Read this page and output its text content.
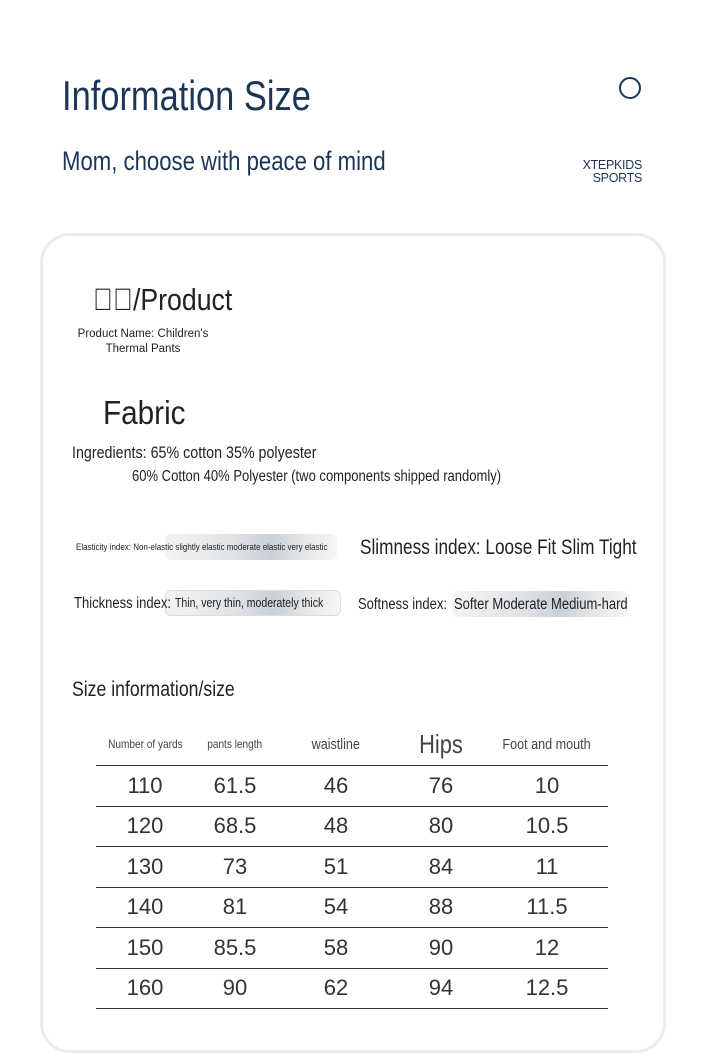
Information Size
Mom, choose with peace of mind	XTEPKIDS
SPORTS
  /Product
Product Name: Children's Thermal Pants
Fabric
Ingredients: 65% cotton 35% polyester
60% Cotton 40% Polyester (two components shipped randomly)
Elasticity index: Non-elastic slightly elastic moderate elastic very elastic Slimness index: Loose Fit Slim Tight
Thickness index: Thin, very thin, moderately thick Softness index: Softer Moderate Medium-hard
Size information/size
Number of yards	pants length	waistline	Hips	Foot and mouth
110	61.5	46	76	10
120	68.5	48	80	10.5
130	73	51	84	11
140	81	54	88	11.5
150	85.5	58	90	12
160	90	62	94	12.5
